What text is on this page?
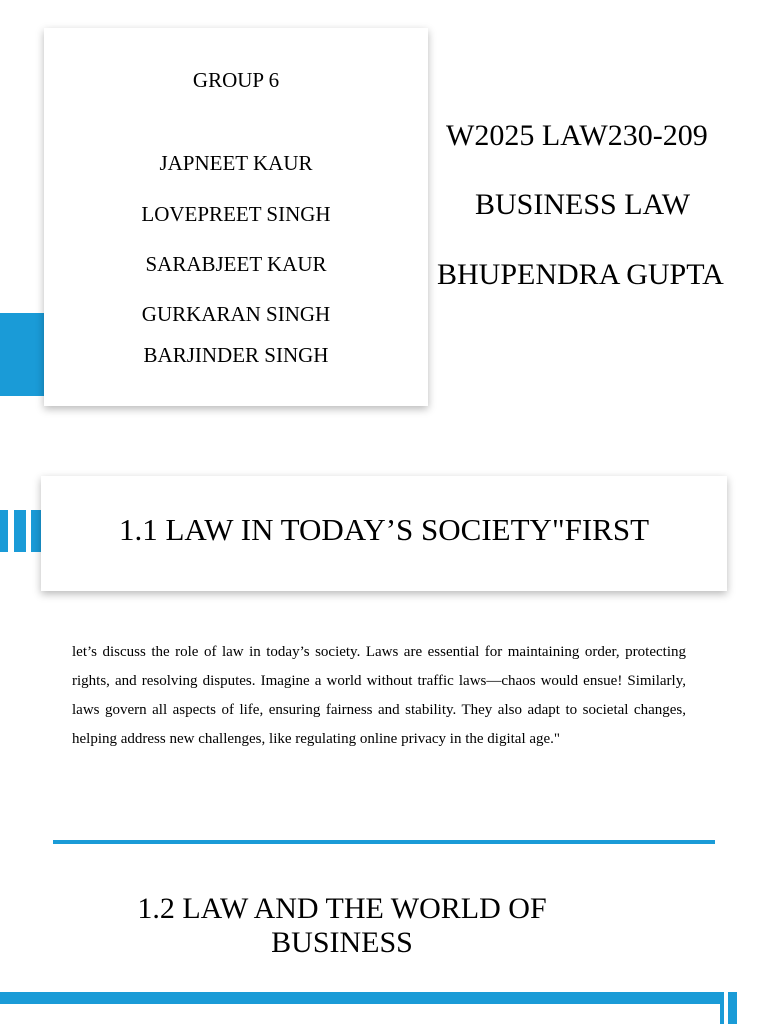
GROUP 6
JAPNEET KAUR
LOVEPREET SINGH
SARABJEET KAUR
GURKARAN SINGH
BARJINDER SINGH
W2025 LAW230-209
BUSINESS LAW
BHUPENDRA GUPTA
1.1 LAW IN TODAY’S SOCIETY"FIRST
let’s discuss the role of law in today’s society. Laws are essential for maintaining order, protecting rights, and resolving disputes. Imagine a world without traffic laws—chaos would ensue! Similarly, laws govern all aspects of life, ensuring fairness and stability. They also adapt to societal changes, helping address new challenges, like regulating online privacy in the digital age."
1.2 LAW AND THE WORLD OF BUSINESS
